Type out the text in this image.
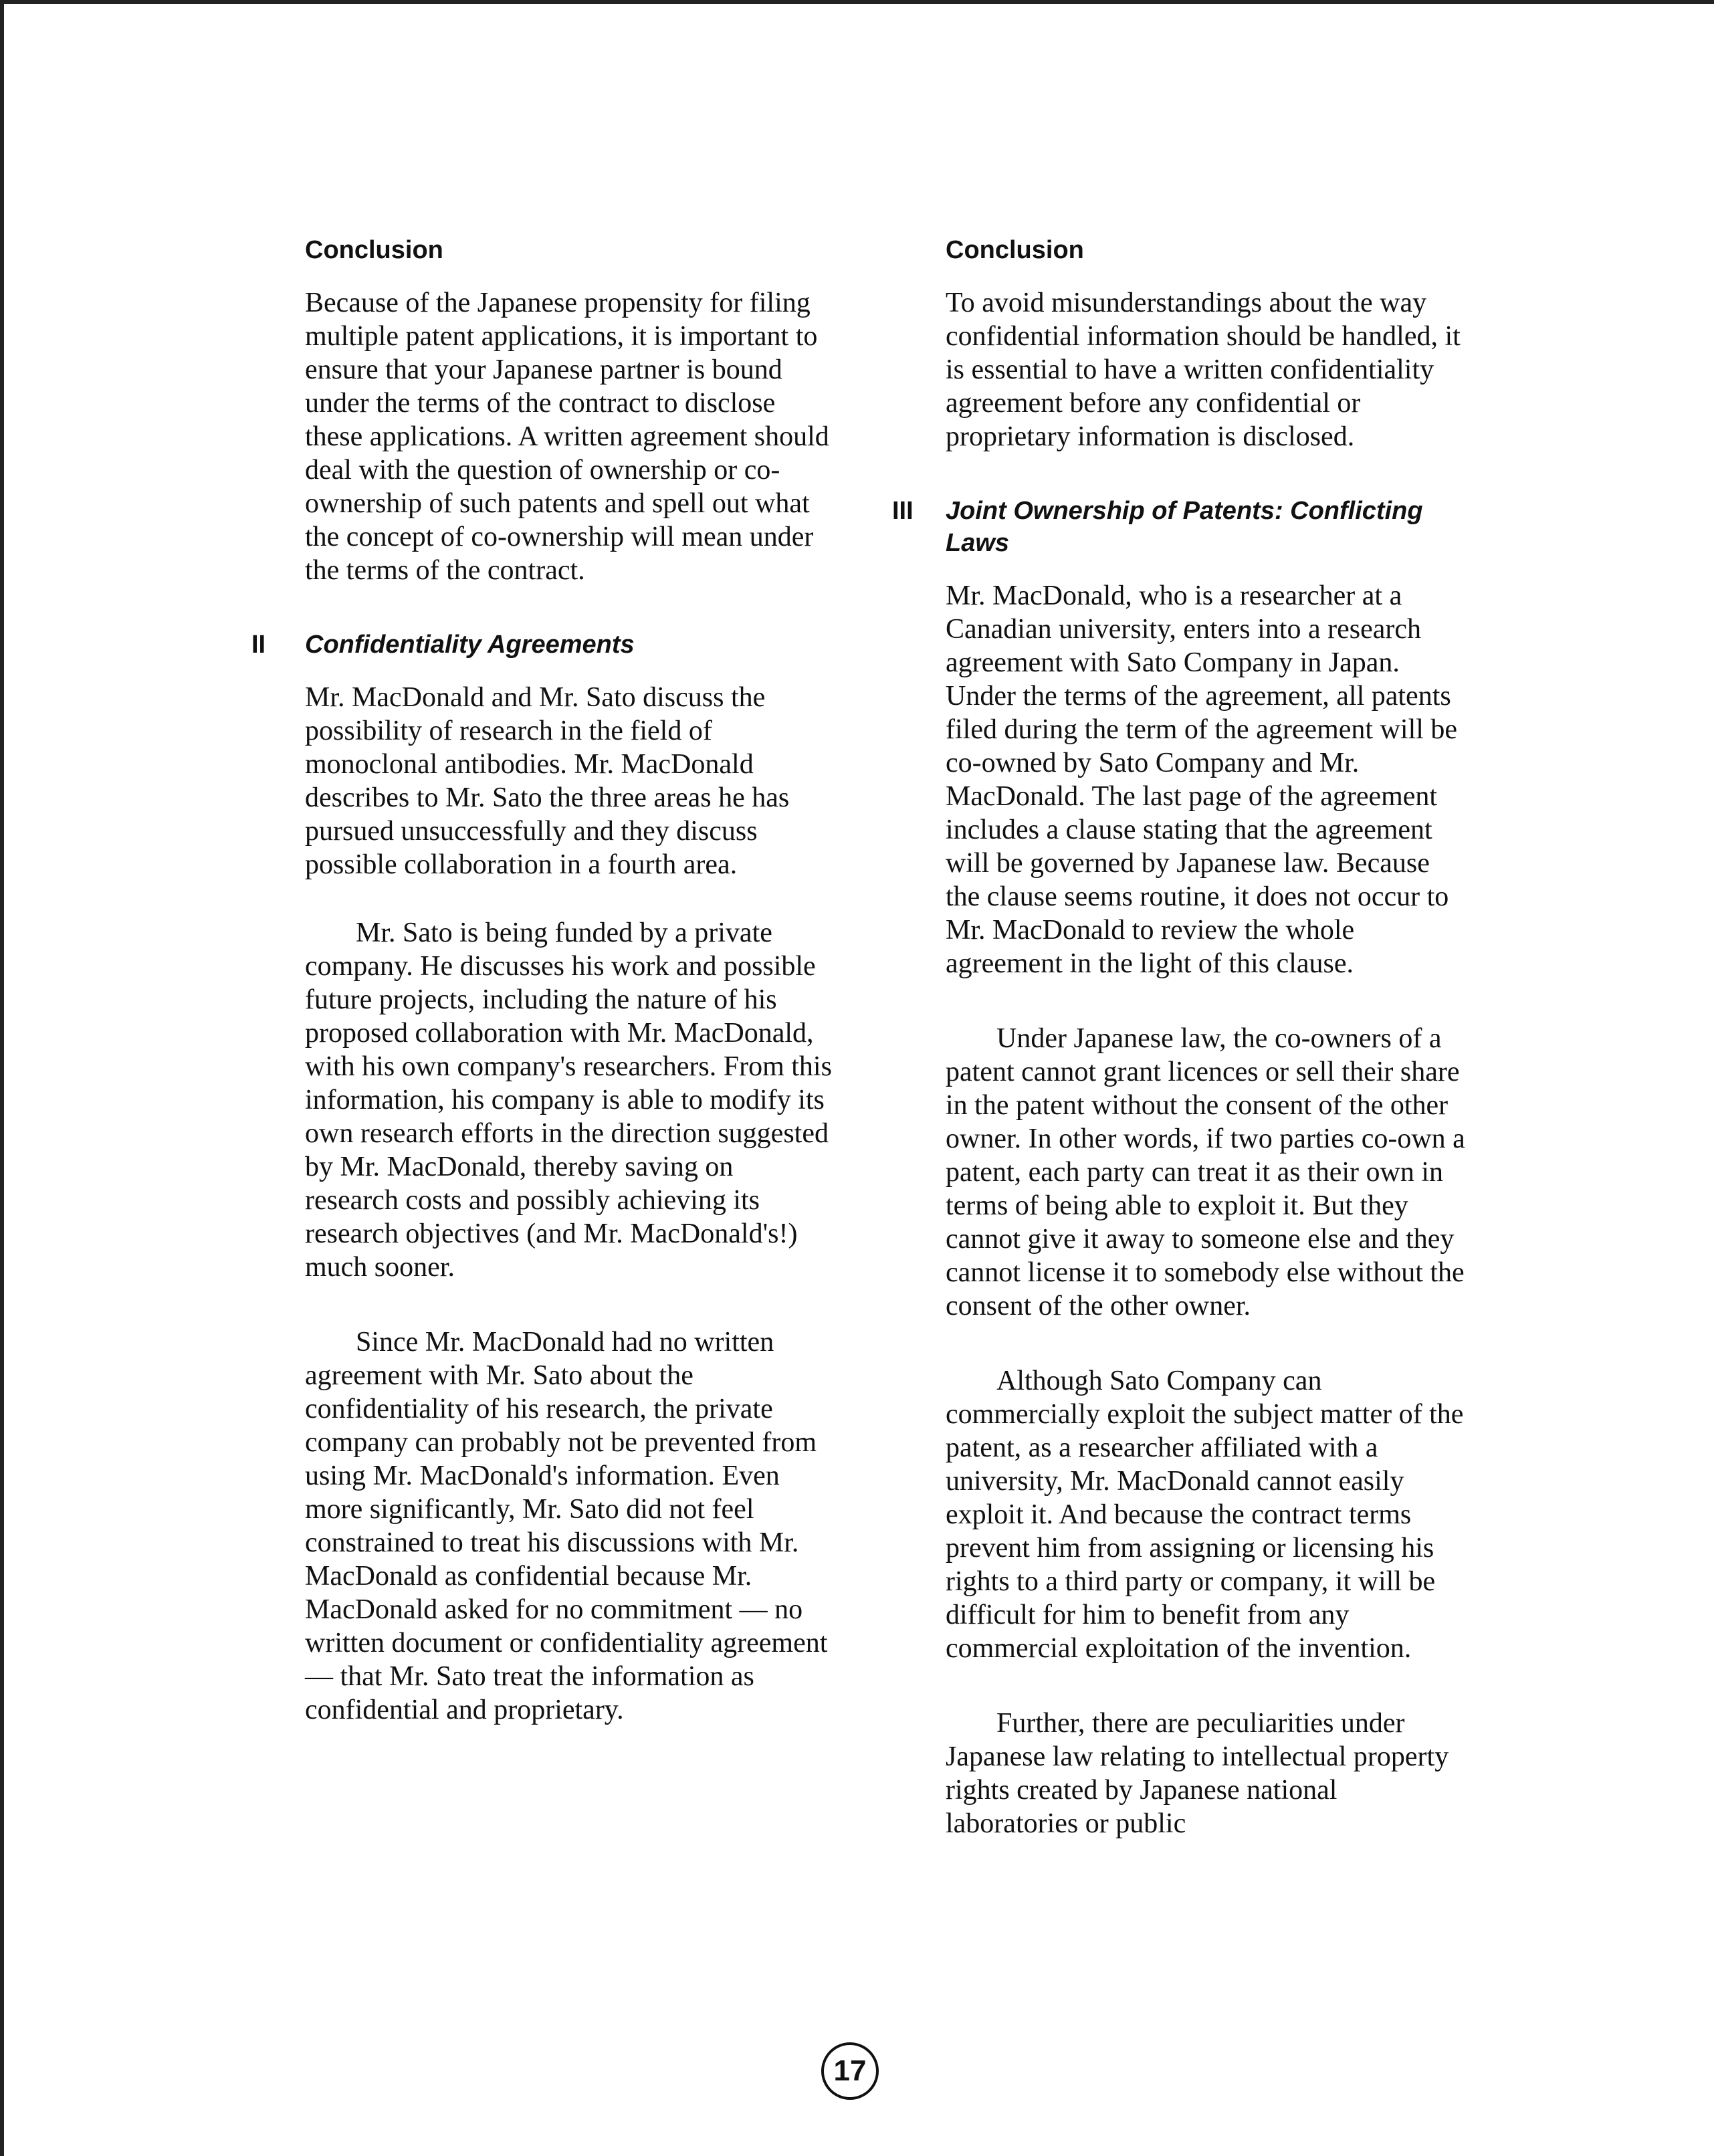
Conclusion

Because of the Japanese propensity for filing multiple patent applications, it is important to ensure that your Japanese partner is bound under the terms of the contract to disclose these applications. A written agreement should deal with the question of ownership or co-ownership of such patents and spell out what the concept of co-ownership will mean under the terms of the contract.

II Confidentiality Agreements

Mr. MacDonald and Mr. Sato discuss the possibility of research in the field of monoclonal antibodies. Mr. MacDonald describes to Mr. Sato the three areas he has pursued unsuccessfully and they discuss possible collaboration in a fourth area.

Mr. Sato is being funded by a private company. He discusses his work and possible future projects, including the nature of his proposed collaboration with Mr. MacDonald, with his own company's researchers. From this information, his company is able to modify its own research efforts in the direction suggested by Mr. MacDonald, thereby saving on research costs and possibly achieving its research objectives (and Mr. MacDonald's!) much sooner.

Since Mr. MacDonald had no written agreement with Mr. Sato about the confidentiality of his research, the private company can probably not be prevented from using Mr. MacDonald's information. Even more significantly, Mr. Sato did not feel constrained to treat his discussions with Mr. MacDonald as confidential because Mr. MacDonald asked for no commitment — no written document or confidentiality agreement — that Mr. Sato treat the information as confidential and proprietary.

Conclusion

To avoid misunderstandings about the way confidential information should be handled, it is essential to have a written confidentiality agreement before any confidential or proprietary information is disclosed.

III Joint Ownership of Patents: Conflicting Laws

Mr. MacDonald, who is a researcher at a Canadian university, enters into a research agreement with Sato Company in Japan. Under the terms of the agreement, all patents filed during the term of the agreement will be co-owned by Sato Company and Mr. MacDonald. The last page of the agreement includes a clause stating that the agreement will be governed by Japanese law. Because the clause seems routine, it does not occur to Mr. MacDonald to review the whole agreement in the light of this clause.

Under Japanese law, the co-owners of a patent cannot grant licences or sell their share in the patent without the consent of the other owner. In other words, if two parties co-own a patent, each party can treat it as their own in terms of being able to exploit it. But they cannot give it away to someone else and they cannot license it to somebody else without the consent of the other owner.

Although Sato Company can commercially exploit the subject matter of the patent, as a researcher affiliated with a university, Mr. MacDonald cannot easily exploit it. And because the contract terms prevent him from assigning or licensing his rights to a third party or company, it will be difficult for him to benefit from any commercial exploitation of the invention.

Further, there are peculiarities under Japanese law relating to intellectual property rights created by Japanese national laboratories or public

17
